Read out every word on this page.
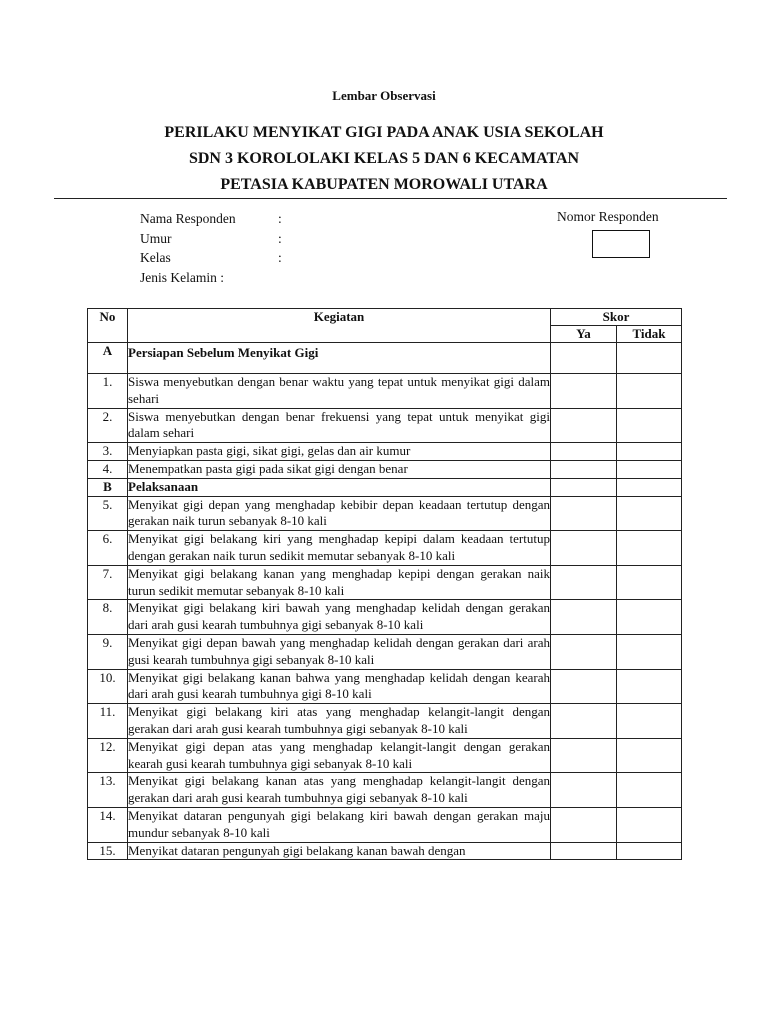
Lembar Observasi
PERILAKU MENYIKAT GIGI PADA ANAK USIA SEKOLAH
SDN 3 KOROLOLAKI KELAS 5 DAN 6 KECAMATAN
PETASIA KABUPATEN MOROWALI UTARA
Nama Responden	:
Umur	:
Kelas	:
Jenis Kelamin :
Nomor Responden
No	Kegiatan	Skor	
		Ya	Tidak
A	Persiapan Sebelum Menyikat Gigi		
1.	Siswa menyebutkan dengan benar waktu yang tepat untuk menyikat gigi dalam sehari		
2.	Siswa menyebutkan dengan benar frekuensi yang tepat untuk menyikat gigi dalam sehari		
3.	Menyiapkan pasta gigi, sikat gigi, gelas dan air kumur		
4.	Menempatkan pasta gigi pada sikat gigi dengan benar		
B	Pelaksanaan		
5.	Menyikat gigi depan yang menghadap kebibir depan keadaan tertutup dengan gerakan naik turun sebanyak 8-10 kali		
6.	Menyikat gigi belakang kiri yang menghadap kepipi dalam keadaan tertutup dengan gerakan naik turun sedikit memutar sebanyak 8-10 kali		
7.	Menyikat gigi belakang kanan yang menghadap kepipi dengan gerakan naik turun sedikit memutar sebanyak 8-10 kali		
8.	Menyikat gigi belakang kiri bawah yang menghadap kelidah dengan gerakan dari arah gusi kearah tumbuhnya gigi sebanyak 8-10 kali		
9.	Menyikat gigi depan bawah yang menghadap kelidah dengan gerakan dari arah gusi kearah tumbuhnya gigi sebanyak 8-10 kali		
10.	Menyikat gigi belakang kanan bahwa yang menghadap kelidah dengan kearah dari arah gusi kearah tumbuhnya gigi 8-10 kali		
11.	Menyikat gigi belakang kiri atas yang menghadap kelangit-langit dengan gerakan dari arah gusi kearah tumbuhnya gigi sebanyak 8-10 kali		
12.	Menyikat gigi depan atas yang menghadap kelangit-langit dengan gerakan kearah gusi kearah tumbuhnya gigi sebanyak 8-10 kali		
13.	Menyikat gigi belakang kanan atas yang menghadap kelangit-langit dengan gerakan dari arah gusi kearah tumbuhnya gigi sebanyak 8-10 kali		
14.	Menyikat dataran pengunyah gigi belakang kiri bawah dengan gerakan maju mundur sebanyak 8-10 kali		
15.	Menyikat dataran pengunyah gigi belakang kanan bawah dengan		
